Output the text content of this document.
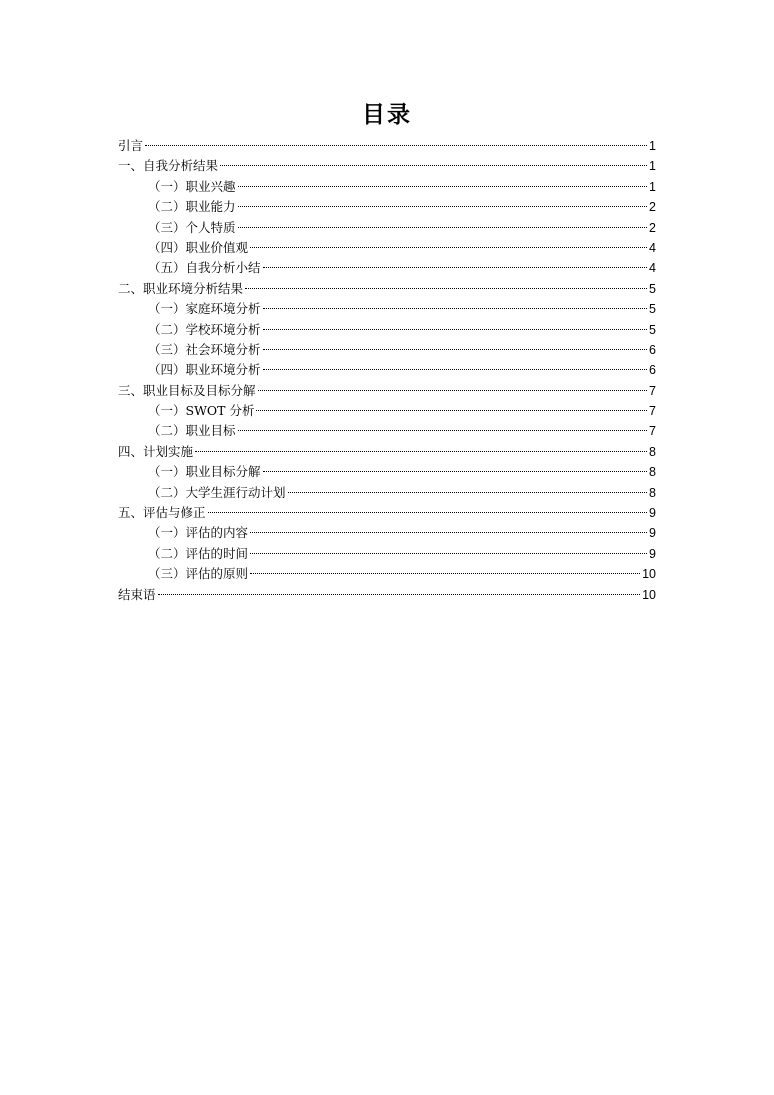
目录
引言	1
一、自我分析结果	1
（一）职业兴趣	1
（二）职业能力	2
（三）个人特质	2
（四）职业价值观	4
（五）自我分析小结	4
二、职业环境分析结果	5
（一）家庭环境分析	5
（二）学校环境分析	5
（三）社会环境分析	6
（四）职业环境分析	6
三、职业目标及目标分解	7
（一）SWOT 分析	7
（二）职业目标	7
四、计划实施	8
（一）职业目标分解	8
（二）大学生涯行动计划	8
五、评估与修正	9
（一）评估的内容	9
（二）评估的时间	9
（三）评估的原则	10
结束语	10
